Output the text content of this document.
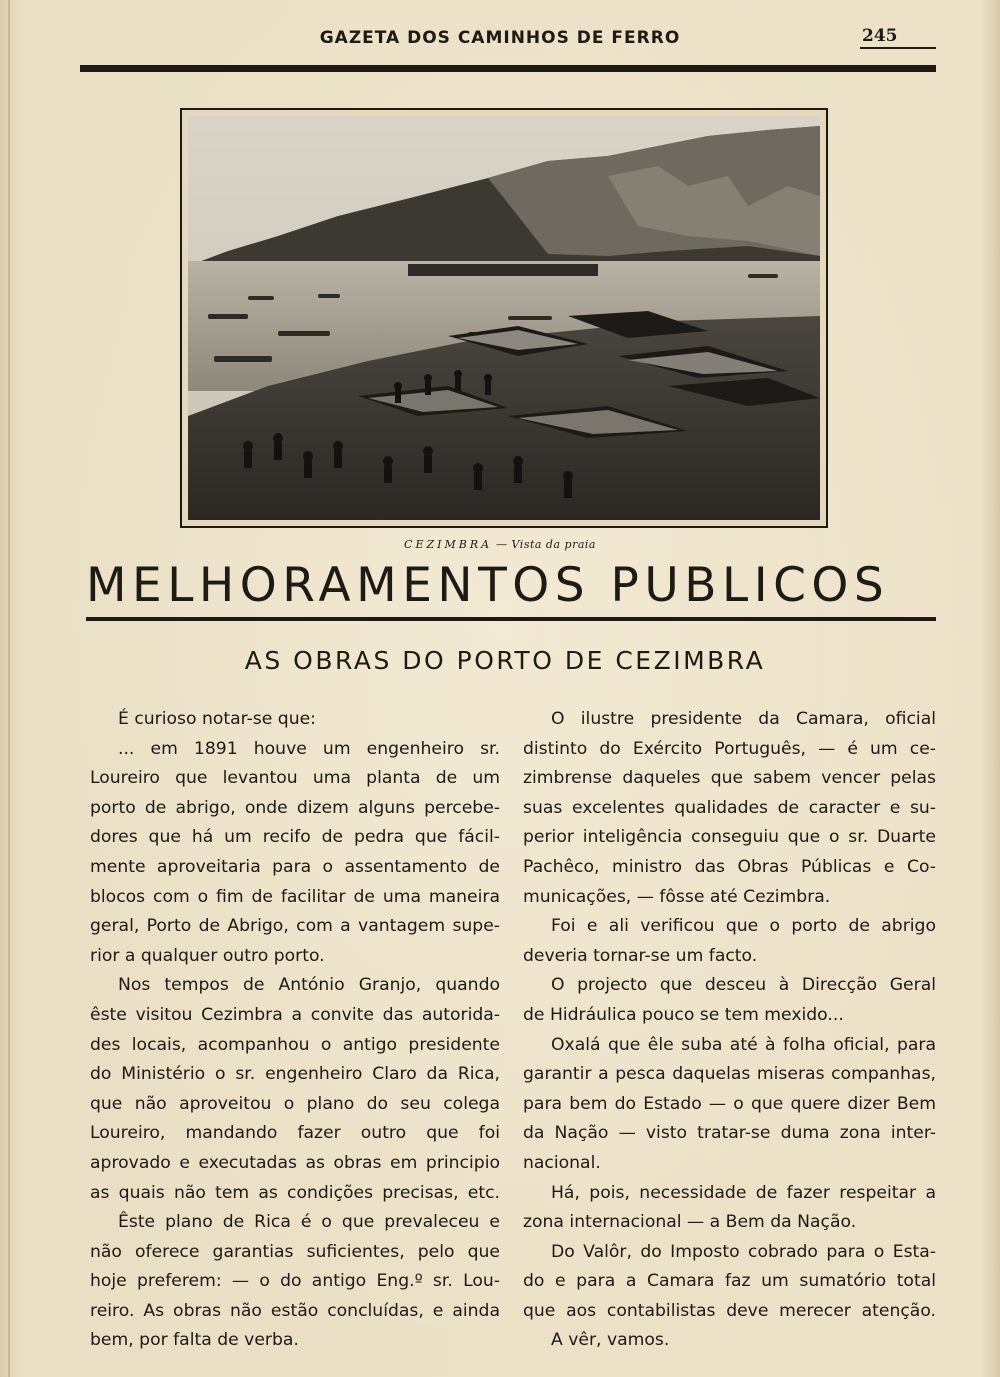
GAZETA DOS CAMINHOS DE FERRO	245
CEZIMBRA — Vista da praia
MELHORAMENTOS PUBLICOS
AS OBRAS DO PORTO DE CEZIMBRA
É curioso notar-se que:
... em 1891 houve um engenheiro sr.
Loureiro que levantou uma planta de um
porto de abrigo, onde dizem alguns percebe-
dores que há um recifo de pedra que fácil-
mente aproveitaria para o assentamento de
blocos com o fim de facilitar de uma maneira
geral, Porto de Abrigo, com a vantagem supe-
rior a qualquer outro porto.
Nos tempos de António Granjo, quando
êste visitou Cezimbra a convite das autorida-
des locais, acompanhou o antigo presidente
do Ministério o sr. engenheiro Claro da Rica,
que não aproveitou o plano do seu colega
Loureiro, mandando fazer outro que foi
aprovado e executadas as obras em principio
as quais não tem as condições precisas, etc.
Êste plano de Rica é o que prevaleceu e
não oferece garantias suficientes, pelo que
hoje preferem: — o do antigo Eng.º sr. Lou-
reiro. As obras não estão concluídas, e ainda
bem, por falta de verba.
O ilustre presidente da Camara, oficial
distinto do Exército Português, — é um ce-
zimbrense daqueles que sabem vencer pelas
suas excelentes qualidades de caracter e su-
perior inteligência conseguiu que o sr. Duarte
Pachêco, ministro das Obras Públicas e Co-
municações, — fôsse até Cezimbra.
Foi e ali verificou que o porto de abrigo
deveria tornar-se um facto.
O projecto que desceu à Direcção Geral
de Hidráulica pouco se tem mexido...
Oxalá que êle suba até à folha oficial, para
garantir a pesca daquelas miseras companhas,
para bem do Estado — o que quere dizer Bem
da Nação — visto tratar-se duma zona inter-
nacional.
Há, pois, necessidade de fazer respeitar a
zona internacional — a Bem da Nação.
Do Valôr, do Imposto cobrado para o Esta-
do e para a Camara faz um sumatório total
que aos contabilistas deve merecer atenção.
A vêr, vamos.
